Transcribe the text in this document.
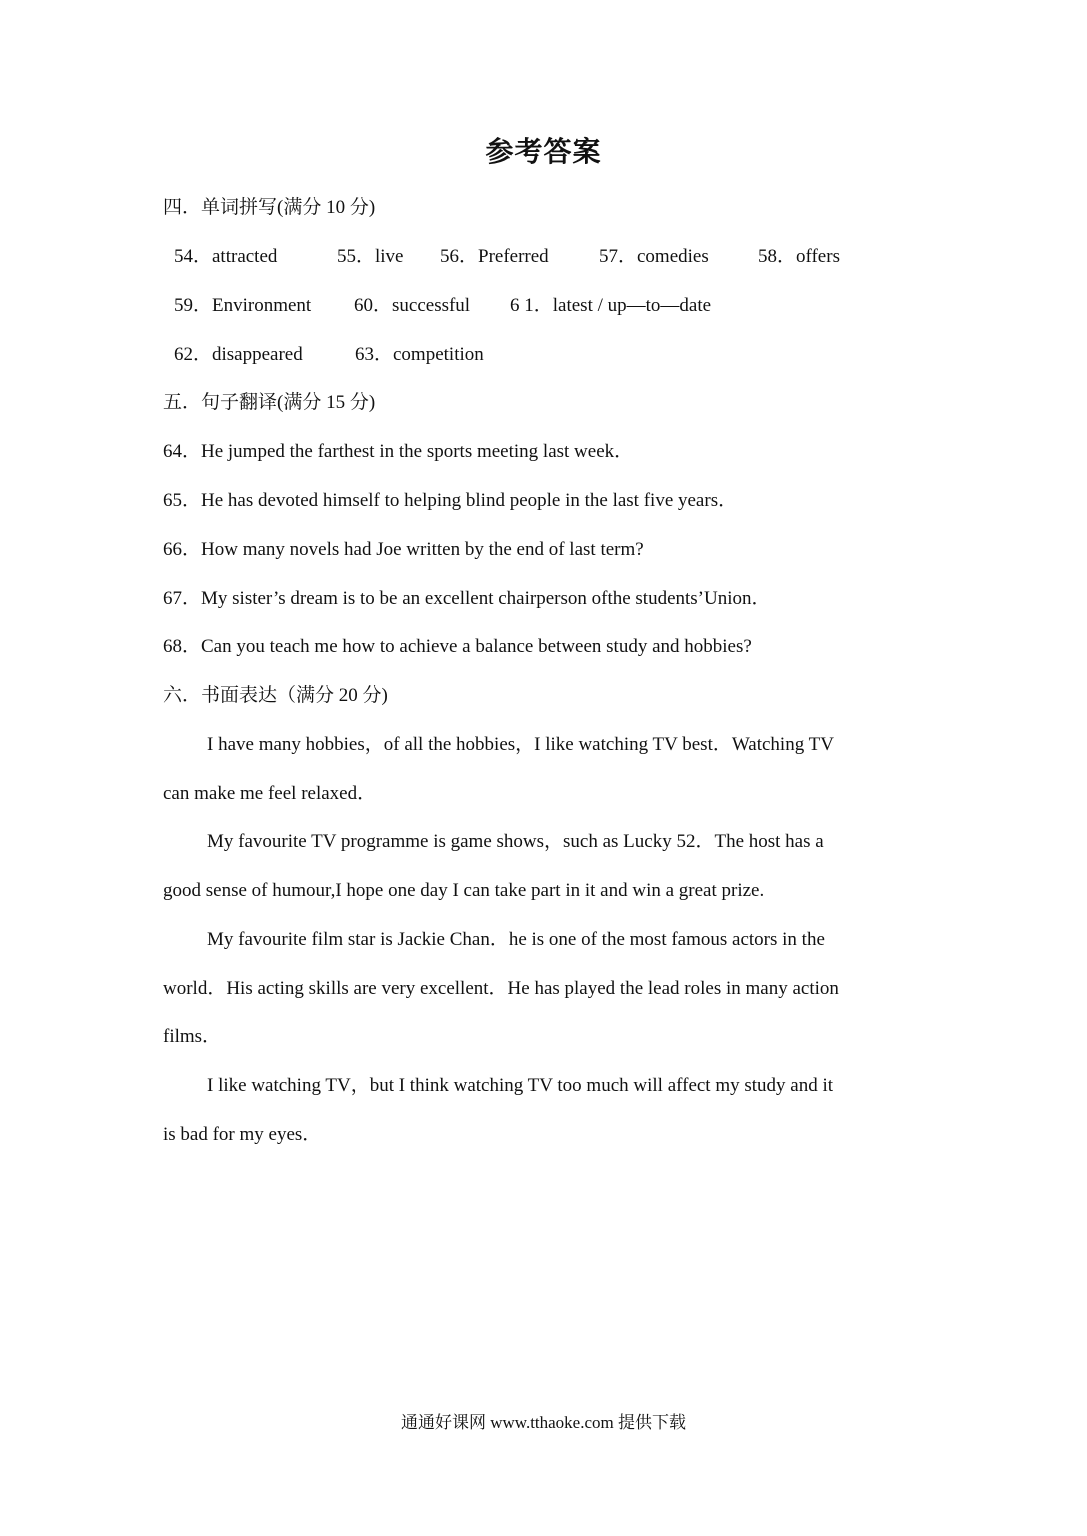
参考答案
四．单词拼写(满分 10 分)
54．attracted	55．live 56．Preferred	57．comedies	58．offers
59．Environment 60．successful 6 1．latest / up—to—date
62．disappeared	63．competition
五．句子翻译(满分 15 分)
64．He jumped the farthest in the sports meeting last week．
65．He has devoted himself to helping blind people in the last five years．
66．How many novels had Joe written by the end of last term?
67．My sister’s dream is to be an excellent chairperson ofthe students’Union．
68．Can you teach me how to achieve a balance between study and hobbies?
六．书面表达（满分 20 分)
I have many hobbies，of all the hobbies，I like watching TV best．Watching TV
can make me feel relaxed．
My favourite TV programme is game shows，such as Lucky 52．The host has a
good sense of humour,I hope one day I can take part in it and win a great prize.
My favourite film star is Jackie Chan．he is one of the most famous actors in the
world．His acting skills are very excellent．He has played the lead roles in many action
films．
I like watching TV，but I think watching TV too much will affect my study and it
is bad for my eyes．
通通好课网 www.tthaoke.com 提供下载
